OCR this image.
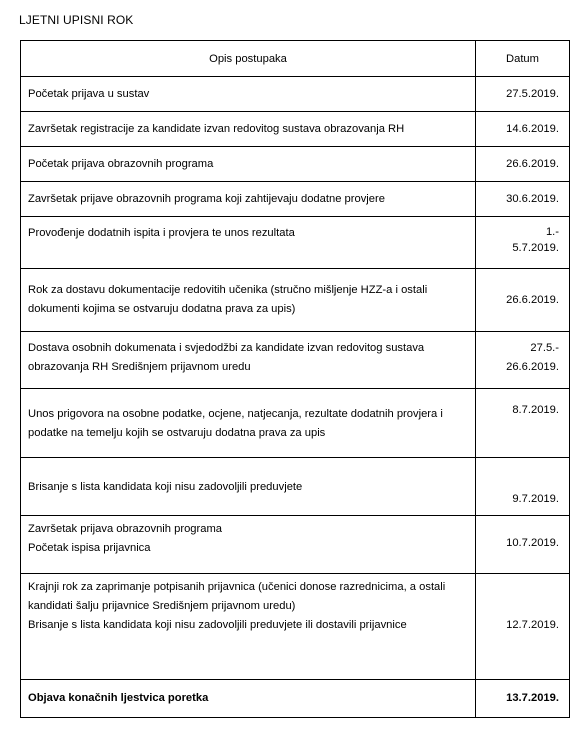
LJETNI UPISNI ROK
Opis postupaka	Datum

Početak prijava u sustav	27.5.2019.

Završetak registracije za kandidate izvan redovitog sustava obrazovanja RH	14.6.2019.

Početak prijava obrazovnih programa	26.6.2019.

Završetak prijave obrazovnih programa koji zahtijevaju dodatne provjere	30.6.2019.

Provođenje dodatnih ispita i provjera te unos rezultata	1.-
5.7.2019.

Rok za dostavu dokumentacije redovitih učenika (stručno mišljenje HZZ-a i ostali dokumenti kojima se ostvaruju dodatna prava za upis)	26.6.2019.

Dostava osobnih dokumenata i svjedodžbi za kandidate izvan redovitog sustava obrazovanja RH Središnjem prijavnom uredu	27.5.-
26.6.2019.

Unos prigovora na osobne podatke, ocjene, natjecanja, rezultate dodatnih provjera i podatke na temelju kojih se ostvaruju dodatna prava za upis	8.7.2019.

Brisanje s lista kandidata koji nisu zadovoljili preduvjete	9.7.2019.

Završetak prijava obrazovnih programa
Početak ispisa prijavnica	10.7.2019.

Krajnji rok za zaprimanje potpisanih prijavnica (učenici donose razrednicima, a ostali kandidati šalju prijavnice Središnjem prijavnom uredu)
Brisanje s lista kandidata koji nisu zadovoljili preduvjete ili dostavili prijavnice	12.7.2019.

Objava konačnih ljestvica poretka	13.7.2019.
